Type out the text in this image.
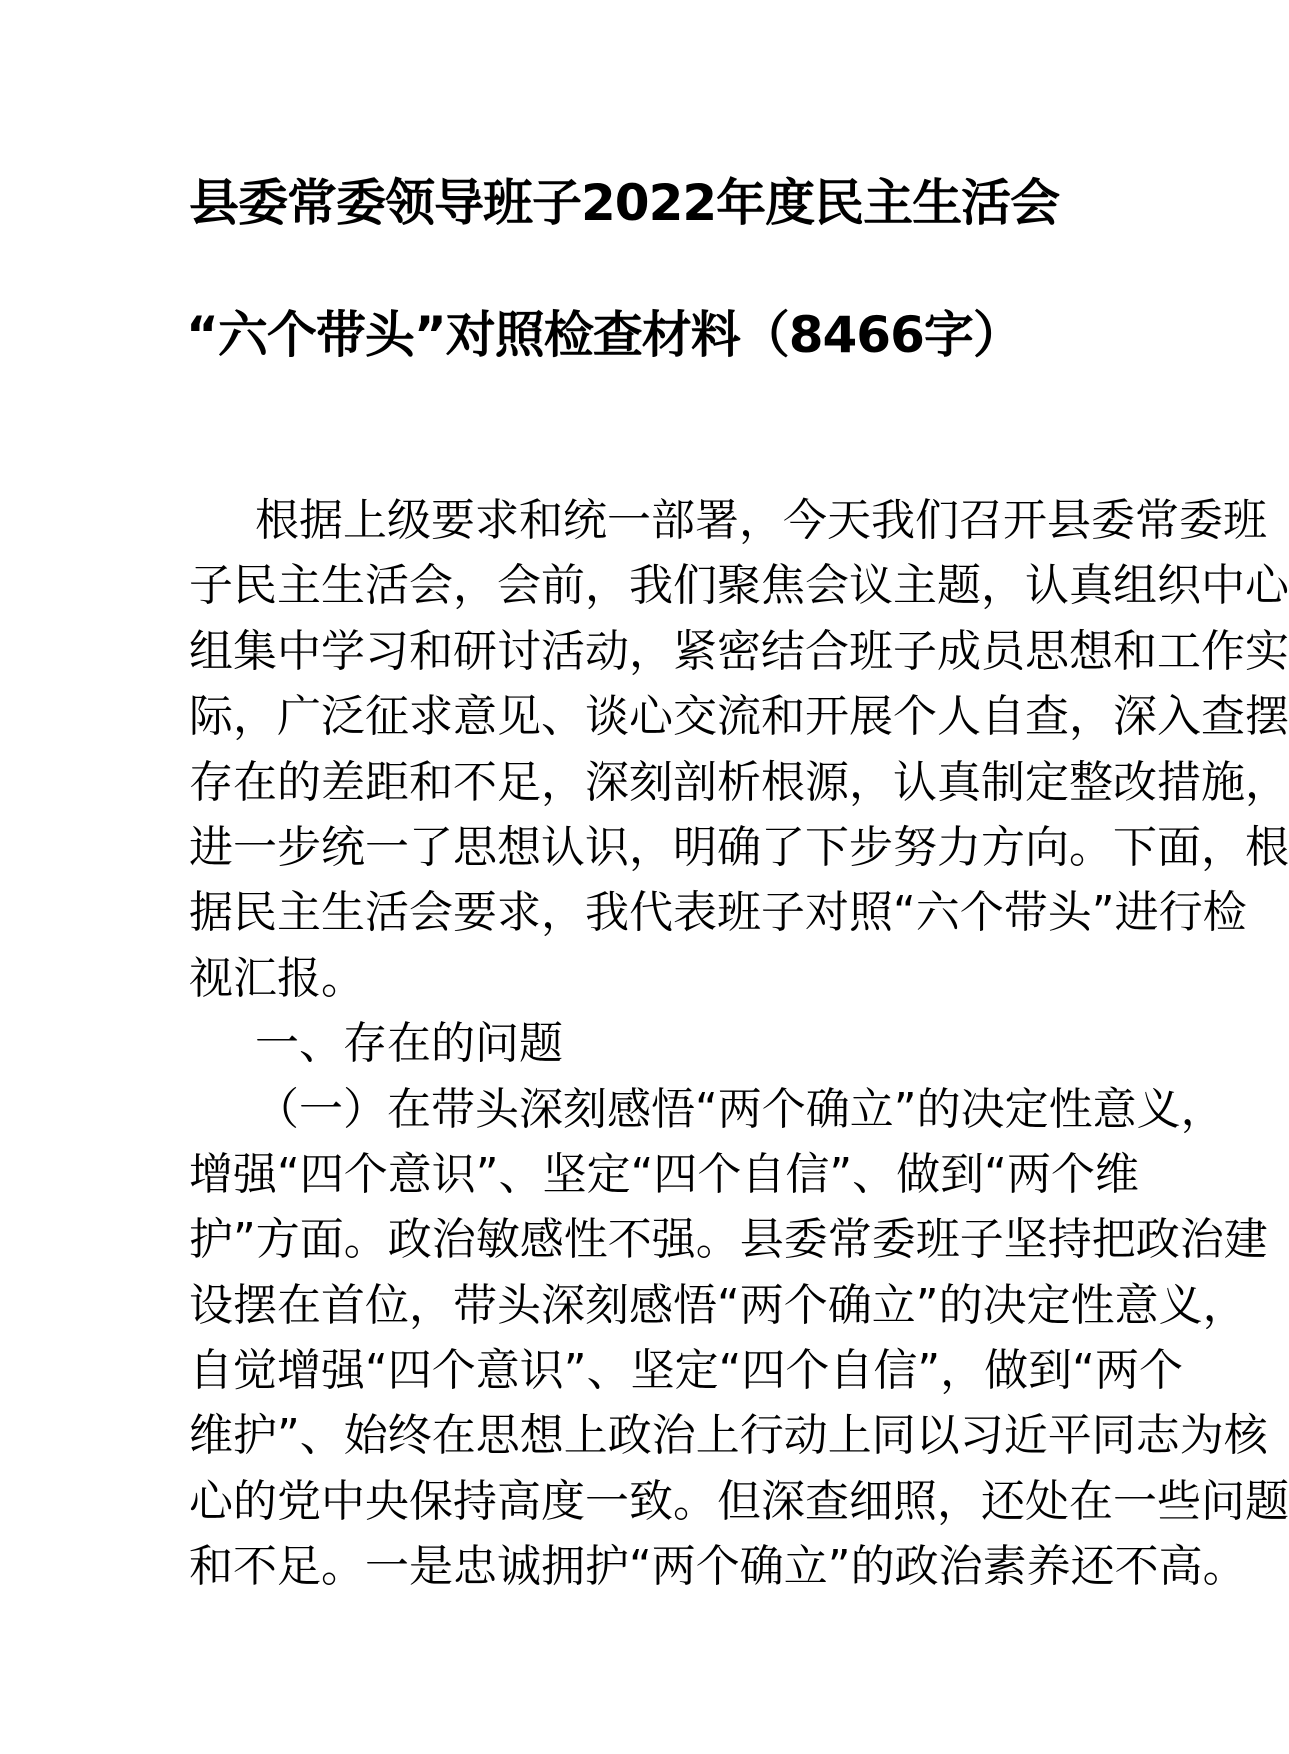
县委常委领导班子2022年度民主生活会
“六个带头”对照检查材料（8466字）
根据上级要求和统一部署，今天我们召开县委常委班
子民主生活会，会前，我们聚焦会议主题，认真组织中心
组集中学习和研讨活动，紧密结合班子成员思想和工作实
际，广泛征求意见、谈心交流和开展个人自查，深入查摆
存在的差距和不足，深刻剖析根源，认真制定整改措施，
进一步统一了思想认识，明确了下步努力方向。下面，根
据民主生活会要求，我代表班子对照“六个带头”进行检
视汇报。
一、存在的问题
（一）在带头深刻感悟“两个确立”的决定性意义，
增强“四个意识”、坚定“四个自信”、做到“两个维
护”方面。政治敏感性不强。县委常委班子坚持把政治建
设摆在首位，带头深刻感悟“两个确立”的决定性意义，
自觉增强“四个意识”、坚定“四个自信”，做到“两个
维护”、始终在思想上政治上行动上同以习近平同志为核
心的党中央保持高度一致。但深查细照，还处在一些问题
和不足。一是忠诚拥护“两个确立”的政治素养还不高。
